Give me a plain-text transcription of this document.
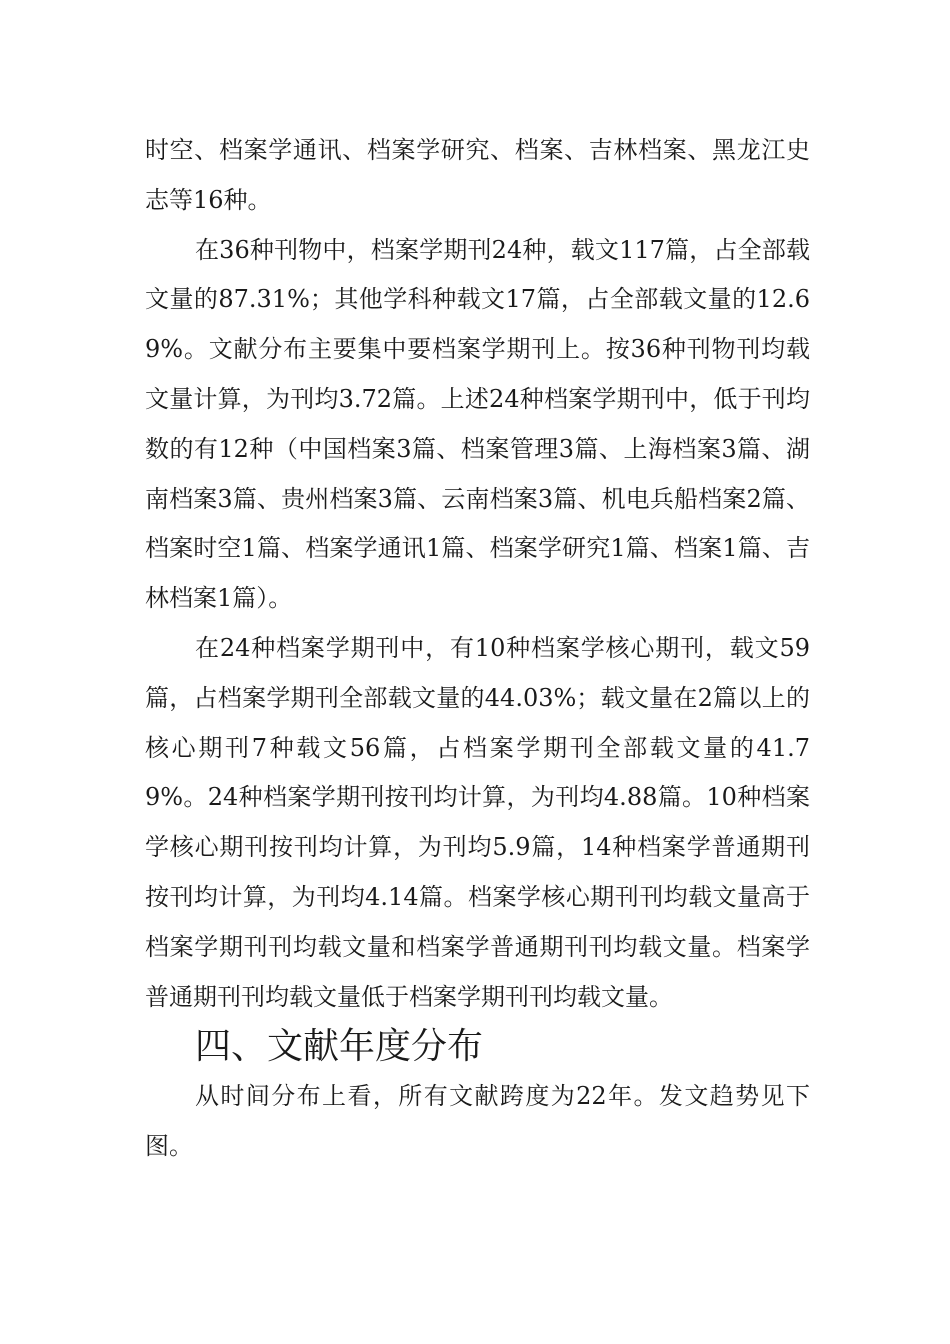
时空、档案学通讯、档案学研究、档案、吉林档案、黑龙江史志等16种。

在36种刊物中，档案学期刊24种，载文117篇，占全部载文量的87.31%；其他学科种载文17篇，占全部载文量的12.69%。文献分布主要集中要档案学期刊上。按36种刊物刊均载文量计算，为刊均3.72篇。上述24种档案学期刊中，低于刊均数的有12种（中国档案3篇、档案管理3篇、上海档案3篇、湖南档案3篇、贵州档案3篇、云南档案3篇、机电兵船档案2篇、档案时空1篇、档案学通讯1篇、档案学研究1篇、档案1篇、吉林档案1篇）。

在24种档案学期刊中，有10种档案学核心期刊，载文59篇，占档案学期刊全部载文量的44.03%；载文量在2篇以上的核心期刊7种载文56篇，占档案学期刊全部载文量的41.79%。24种档案学期刊按刊均计算，为刊均4.88篇。10种档案学核心期刊按刊均计算，为刊均5.9篇，14种档案学普通期刊按刊均计算，为刊均4.14篇。档案学核心期刊刊均载文量高于档案学期刊刊均载文量和档案学普通期刊刊均载文量。档案学普通期刊刊均载文量低于档案学期刊刊均载文量。

四、文献年度分布

从时间分布上看，所有文献跨度为22年。发文趋势见下图。
